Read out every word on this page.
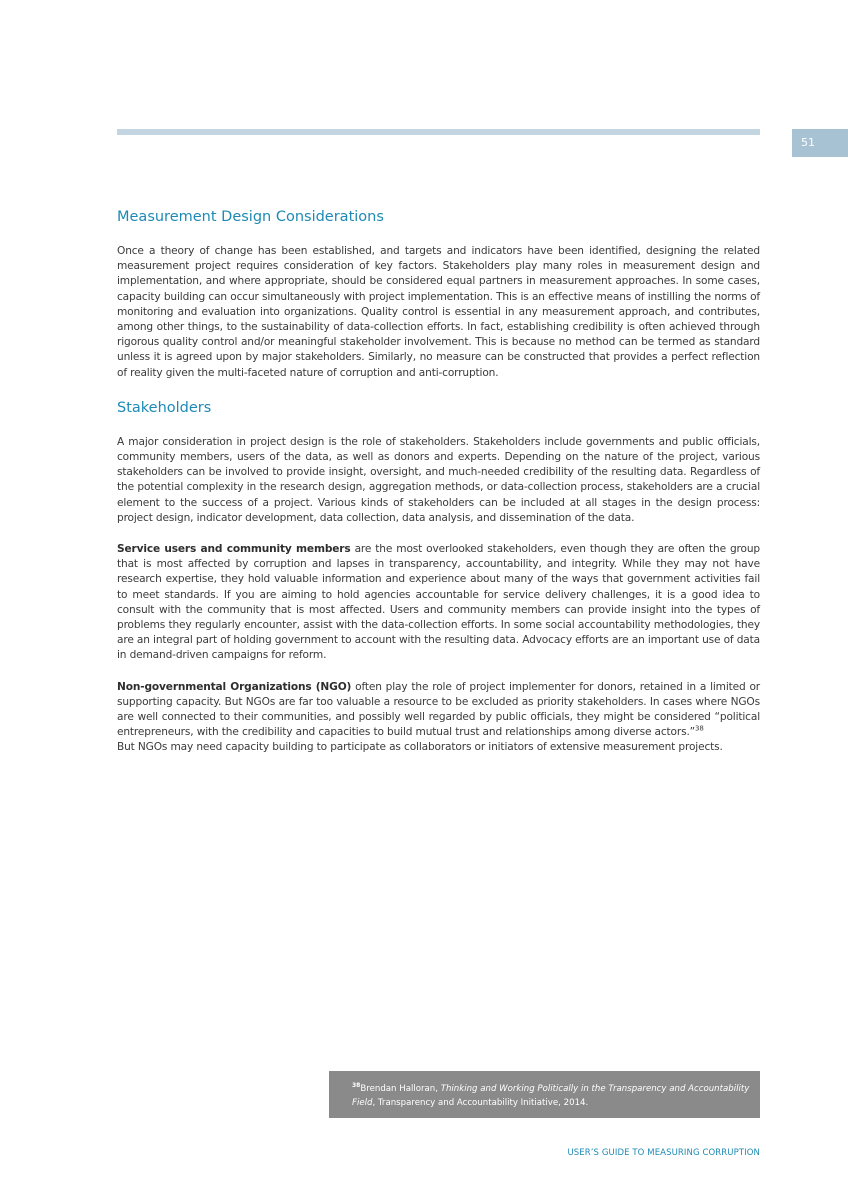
51
Measurement Design Considerations

Once a theory of change has been established, and targets and indicators have been identified, designing the related measurement project requires consideration of key factors. Stakeholders play many roles in measurement design and implementation, and where appropriate, should be considered equal partners in measurement approaches. In some cases, capacity building can occur simultaneously with project implementation. This is an effective means of instilling the norms of monitoring and evaluation into organizations. Quality control is essential in any measurement approach, and contributes, among other things, to the sustainability of data-collection efforts. In fact, establishing credibility is often achieved through rigorous quality control and/or meaningful stakeholder involvement. This is because no method can be termed as standard unless it is agreed upon by major stakeholders. Similarly, no measure can be constructed that provides a perfect reflection of reality given the multi-faceted nature of corruption and anti-corruption.

Stakeholders

A major consideration in project design is the role of stakeholders. Stakeholders include governments and public officials, community members, users of the data, as well as donors and experts. Depending on the nature of the project, various stakeholders can be involved to provide insight, oversight, and much-needed credibility of the resulting data. Regardless of the potential complexity in the research design, aggregation methods, or data-collection process, stakeholders are a crucial element to the success of a project. Various kinds of stakeholders can be included at all stages in the design process: project design, indicator development, data collection, data analysis, and dissemination of the data.

Service users and community members are the most overlooked stakeholders, even though they are often the group that is most affected by corruption and lapses in transparency, accountability, and integrity. While they may not have research expertise, they hold valuable information and experience about many of the ways that government activities fail to meet standards. If you are aiming to hold agencies accountable for service delivery challenges, it is a good idea to consult with the community that is most affected. Users and community members can provide insight into the types of problems they regularly encounter, assist with the data-collection efforts. In some social accountability methodologies, they are an integral part of holding government to account with the resulting data. Advocacy efforts are an important use of data in demand-driven campaigns for reform.

Non-governmental Organizations (NGO) often play the role of project implementer for donors, retained in a limited or supporting capacity. But NGOs are far too valuable a resource to be excluded as priority stakeholders. In cases where NGOs are well connected to their communities, and possibly well regarded by public officials, they might be considered “political entrepreneurs, with the credibility and capacities to build mutual trust and relationships among diverse actors.”$^{38}$
But NGOs may need capacity building to participate as collaborators or initiators of extensive measurement projects.

$^{38}$Brendan Halloran, Thinking and Working Politically in the Transparency and Accountability Field, Transparency and Accountability Initiative, 2014.
USER’S GUIDE TO MEASURING CORRUPTION
